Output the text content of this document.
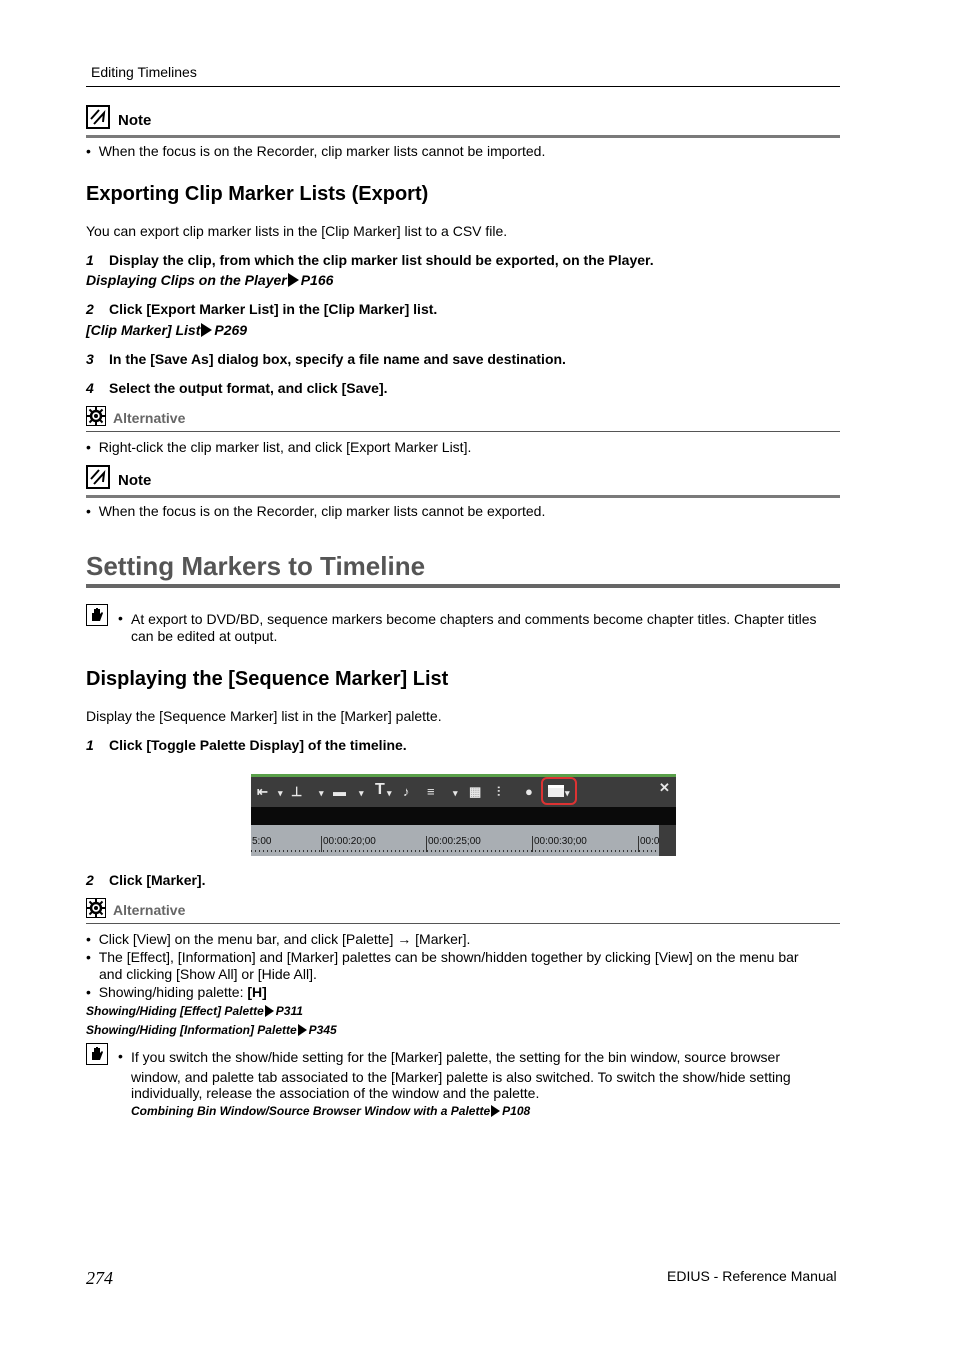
Editing Timelines
Note
•  When the focus is on the Recorder, clip marker lists cannot be imported.
Exporting Clip Marker Lists (Export)
You can export clip marker lists in the [Clip Marker] list to a CSV file.
1 Display the clip, from which the clip marker list should be exported, on the Player.
Displaying Clips on the Player P166
2 Click [Export Marker List] in the [Clip Marker] list.
[Clip Marker] List P269
3 In the [Save As] dialog box, specify a file name and save destination.
4 Select the output format, and click [Save].
Alternative
•  Right-click the clip marker list, and click [Export Marker List].
Note
•  When the focus is on the Recorder, clip marker lists cannot be exported.
Setting Markers to Timeline
• At export to DVD/BD, sequence markers become chapters and comments become chapter titles. Chapter titles
can be edited at output.
Displaying the [Sequence Marker] List
Display the [Sequence Marker] list in the [Marker] palette.
1 Click [Toggle Palette Display] of the timeline.
⇤ ▾ ⊥ ▾ ▬ ▾ T ▾ ♪ ≡ ▾ ▦ ⫶ ●	▾	✕
5:00	00:00:20;00	00:00:25;00	00:00:30;00	00:0
2 Click [Marker].
Alternative
•  Click [View] on the menu bar, and click [Palette] → [Marker].
•  The [Effect], [Information] and [Marker] palettes can be shown/hidden together by clicking [View] on the menu bar
and clicking [Show All] or [Hide All].
•  Showing/hiding palette: [H]
Showing/Hiding [Effect] Palette P311
Showing/Hiding [Information] Palette P345
• If you switch the show/hide setting for the [Marker] palette, the setting for the bin window, source browser
window, and palette tab associated to the [Marker] palette is also switched. To switch the show/hide setting
individually, release the association of the window and the palette.
Combining Bin Window/Source Browser Window with a Palette P108
274	EDIUS - Reference Manual
